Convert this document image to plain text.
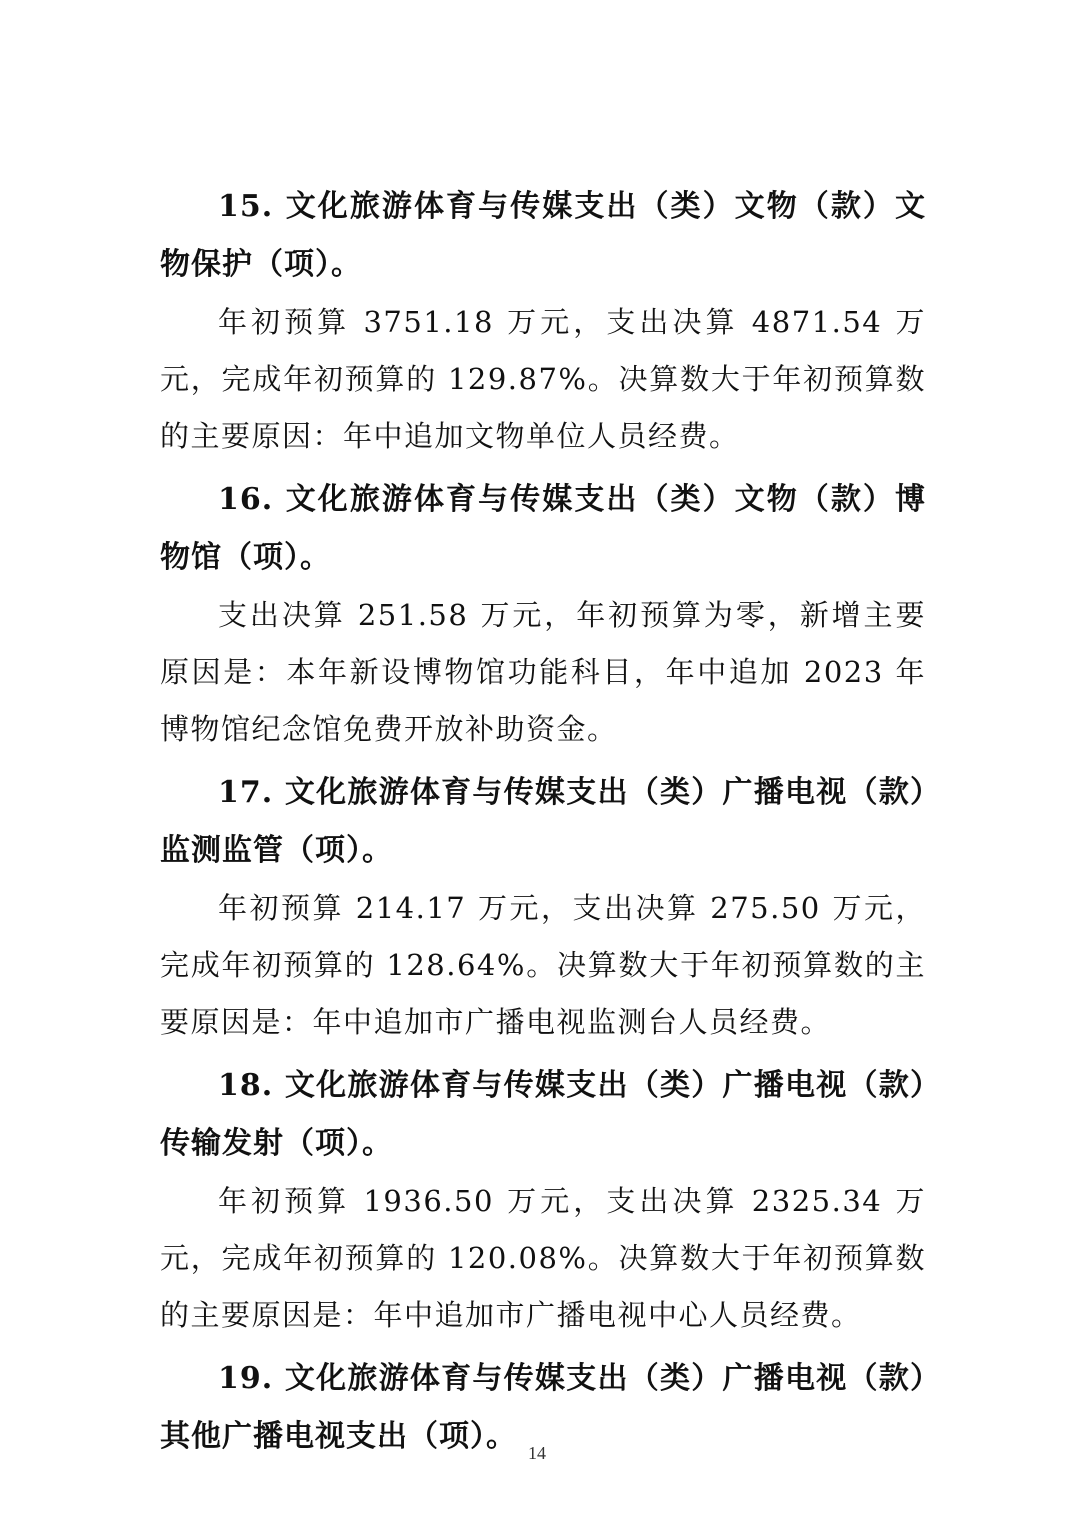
15. 文化旅游体育与传媒支出（类）文物（款）文物保护（项）。

年初预算 3751.18 万元，支出决算 4871.54 万元，完成年初预算的 129.87%。决算数大于年初预算数的主要原因：年中追加文物单位人员经费。

16. 文化旅游体育与传媒支出（类）文物（款）博物馆（项）。

支出决算 251.58 万元，年初预算为零，新增主要原因是：本年新设博物馆功能科目，年中追加 2023 年博物馆纪念馆免费开放补助资金。

17. 文化旅游体育与传媒支出（类）广播电视（款）监测监管（项）。

年初预算 214.17 万元，支出决算 275.50 万元，完成年初预算的 128.64%。决算数大于年初预算数的主要原因是：年中追加市广播电视监测台人员经费。

18. 文化旅游体育与传媒支出（类）广播电视（款）传输发射（项）。

年初预算 1936.50 万元，支出决算 2325.34 万元，完成年初预算的 120.08%。决算数大于年初预算数的主要原因是：年中追加市广播电视中心人员经费。

19. 文化旅游体育与传媒支出（类）广播电视（款）其他广播电视支出（项）。 14
